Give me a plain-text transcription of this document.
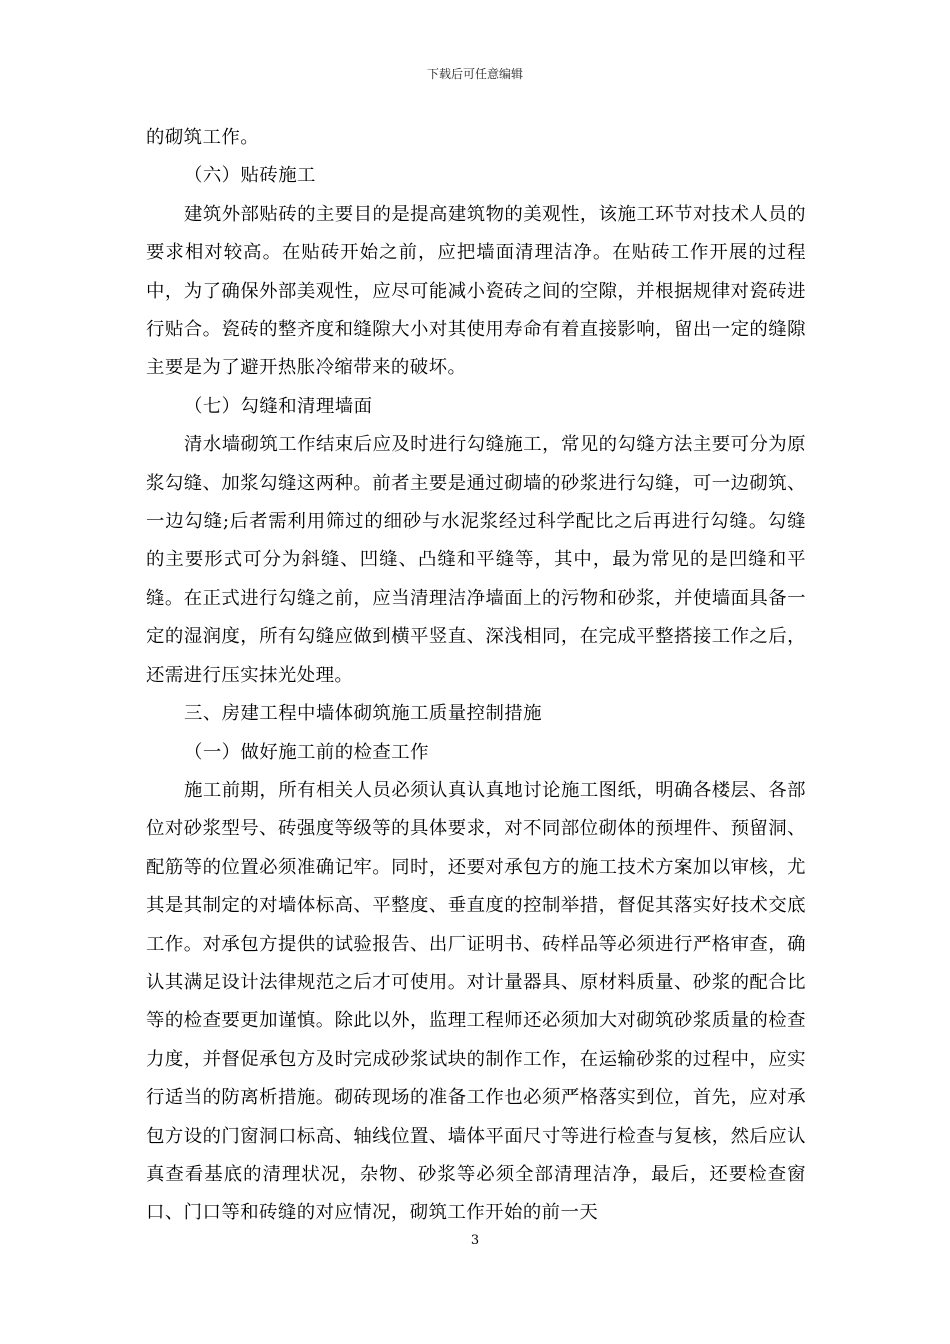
下载后可任意编辑

的砌筑工作。

（六）贴砖施工

建筑外部贴砖的主要目的是提高建筑物的美观性，该施工环节对技术人员的要求相对较高。在贴砖开始之前，应把墙面清理洁净。在贴砖工作开展的过程中，为了确保外部美观性，应尽可能减小瓷砖之间的空隙，并根据规律对瓷砖进行贴合。瓷砖的整齐度和缝隙大小对其使用寿命有着直接影响，留出一定的缝隙主要是为了避开热胀冷缩带来的破坏。

（七）勾缝和清理墙面

清水墙砌筑工作结束后应及时进行勾缝施工，常见的勾缝方法主要可分为原浆勾缝、加浆勾缝这两种。前者主要是通过砌墙的砂浆进行勾缝，可一边砌筑、一边勾缝;后者需利用筛过的细砂与水泥浆经过科学配比之后再进行勾缝。勾缝的主要形式可分为斜缝、凹缝、凸缝和平缝等，其中，最为常见的是凹缝和平缝。在正式进行勾缝之前，应当清理洁净墙面上的污物和砂浆，并使墙面具备一定的湿润度，所有勾缝应做到横平竖直、深浅相同，在完成平整搭接工作之后，还需进行压实抹光处理。

三、房建工程中墙体砌筑施工质量控制措施

（一）做好施工前的检查工作

施工前期，所有相关人员必须认真认真地讨论施工图纸，明确各楼层、各部位对砂浆型号、砖强度等级等的具体要求，对不同部位砌体的预埋件、预留洞、配筋等的位置必须准确记牢。同时，还要对承包方的施工技术方案加以审核，尤其是其制定的对墙体标高、平整度、垂直度的控制举措，督促其落实好技术交底工作。对承包方提供的试验报告、出厂证明书、砖样品等必须进行严格审查，确认其满足设计法律规范之后才可使用。对计量器具、原材料质量、砂浆的配合比等的检查要更加谨慎。除此以外，监理工程师还必须加大对砌筑砂浆质量的检查力度，并督促承包方及时完成砂浆试块的制作工作，在运输砂浆的过程中，应实行适当的防离析措施。砌砖现场的准备工作也必须严格落实到位，首先，应对承包方设的门窗洞口标高、轴线位置、墙体平面尺寸等进行检查与复核，然后应认真查看基底的清理状况，杂物、砂浆等必须全部清理洁净，最后，还要检查窗口、门口等和砖缝的对应情况，砌筑工作开始的前一天

3
